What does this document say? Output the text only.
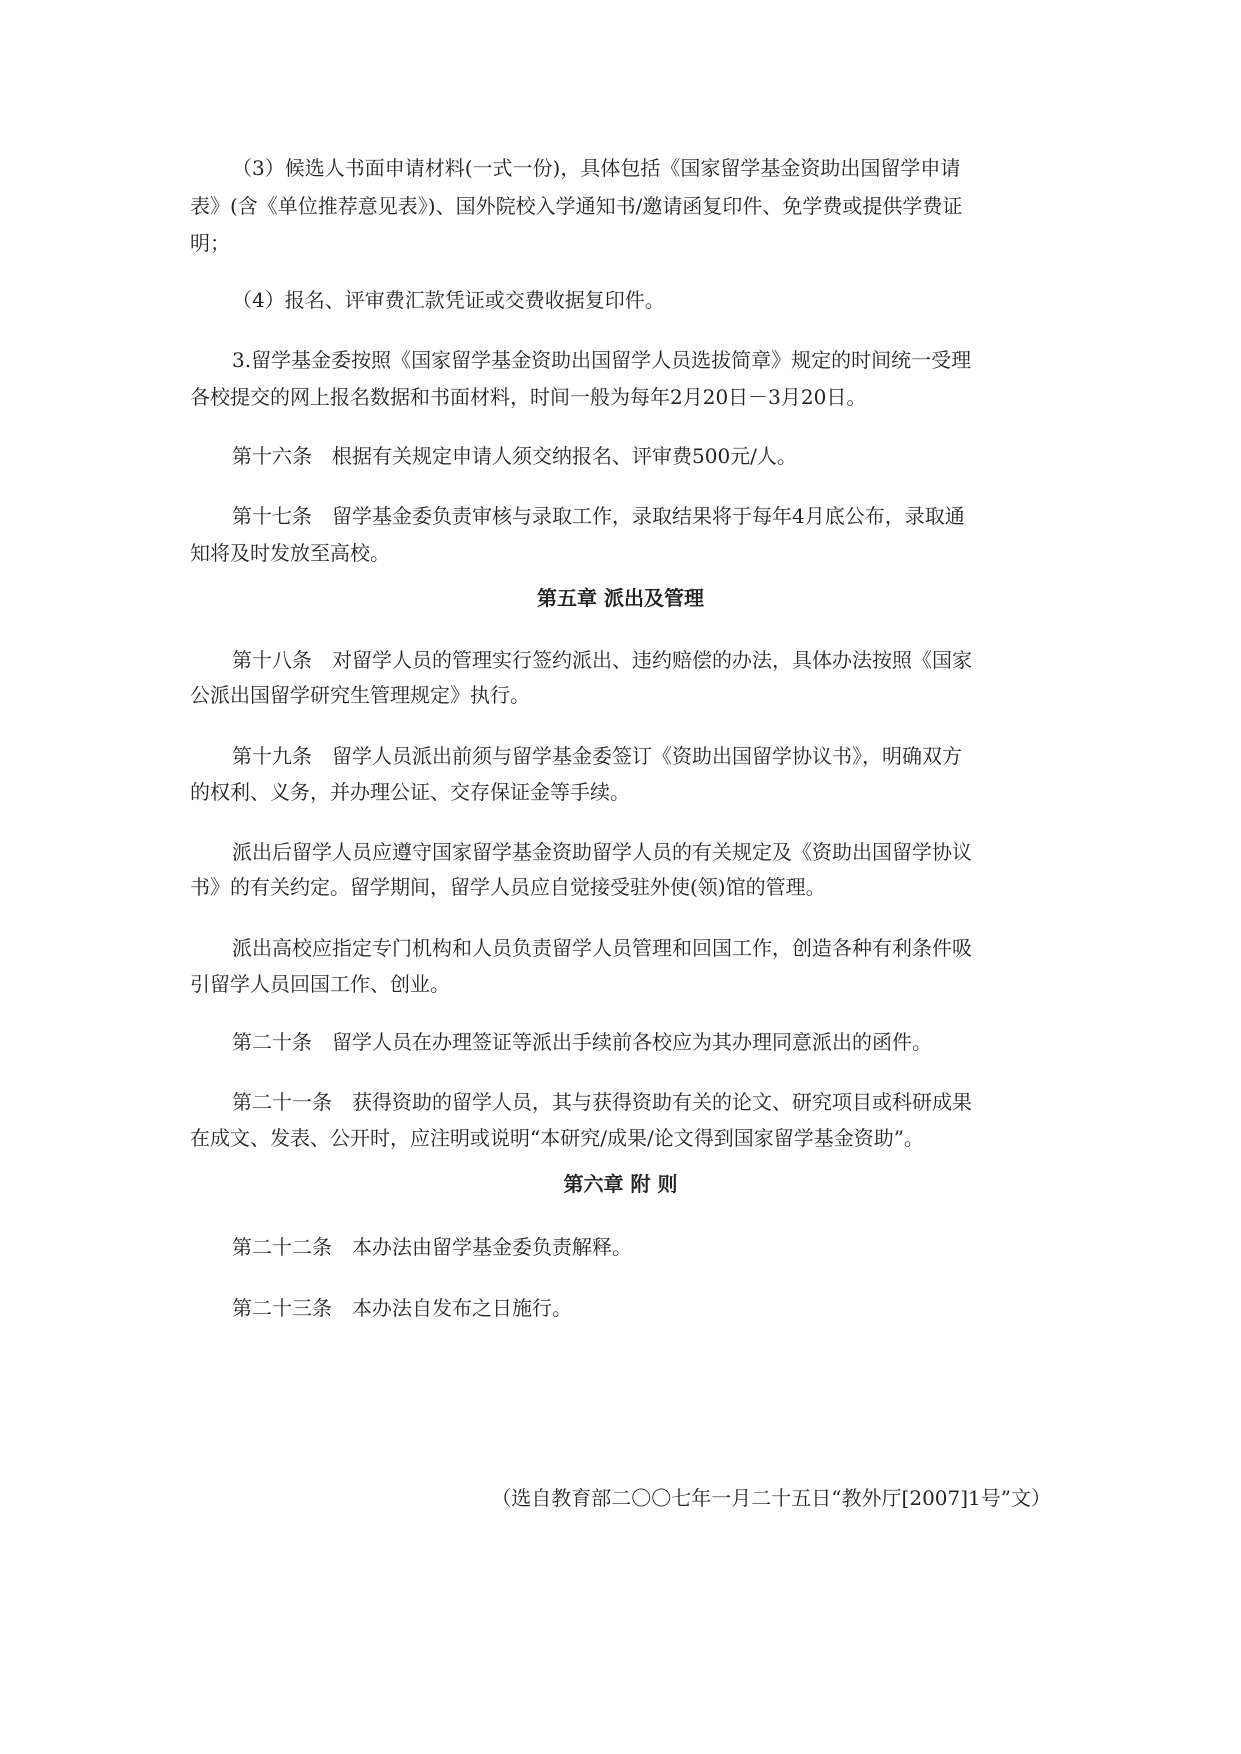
（3）候选人书面申请材料(一式一份)，具体包括《国家留学基金资助出国留学申请
表》(含《单位推荐意见表》)、国外院校入学通知书/邀请函复印件、免学费或提供学费证
明；
（4）报名、评审费汇款凭证或交费收据复印件。
3.留学基金委按照《国家留学基金资助出国留学人员选拔简章》规定的时间统一受理
各校提交的网上报名数据和书面材料，时间一般为每年2月20日－3月20日。
第十六条　根据有关规定申请人须交纳报名、评审费500元/人。
第十七条　留学基金委负责审核与录取工作，录取结果将于每年4月底公布，录取通
知将及时发放至高校。
第五章 派出及管理
第十八条　对留学人员的管理实行签约派出、违约赔偿的办法，具体办法按照《国家
公派出国留学研究生管理规定》执行。
第十九条　留学人员派出前须与留学基金委签订《资助出国留学协议书》，明确双方
的权利、义务，并办理公证、交存保证金等手续。
派出后留学人员应遵守国家留学基金资助留学人员的有关规定及《资助出国留学协议
书》的有关约定。留学期间，留学人员应自觉接受驻外使(领)馆的管理。
派出高校应指定专门机构和人员负责留学人员管理和回国工作，创造各种有利条件吸
引留学人员回国工作、创业。
第二十条　留学人员在办理签证等派出手续前各校应为其办理同意派出的函件。
第二十一条　获得资助的留学人员，其与获得资助有关的论文、研究项目或科研成果
在成文、发表、公开时，应注明或说明“本研究/成果/论文得到国家留学基金资助”。
第六章 附 则
第二十二条　本办法由留学基金委负责解释。
第二十三条　本办法自发布之日施行。
（选自教育部二〇〇七年一月二十五日“教外厅[2007]1号”文）
